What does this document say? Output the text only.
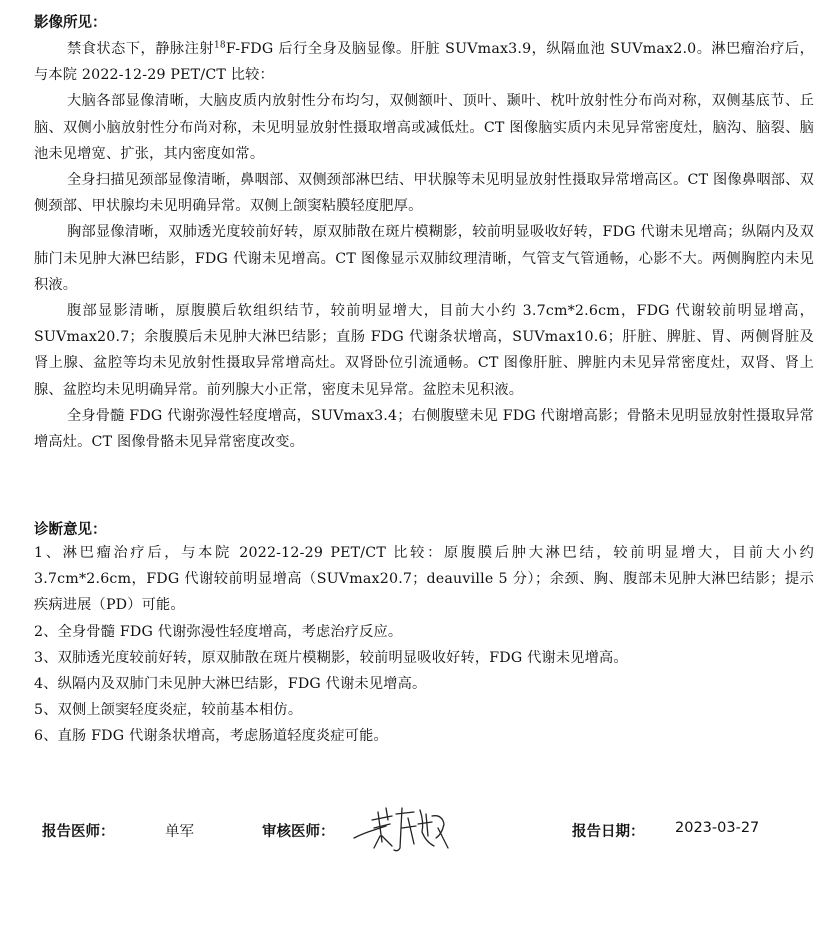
影像所见：

禁食状态下，静脉注射$^{18}$F-FDG 后行全身及脑显像。肝脏 SUVmax3.9，纵隔血池 SUVmax2.0。淋巴瘤治疗后，与本院 2022-12-29 PET/CT 比较：

大脑各部显像清晰，大脑皮质内放射性分布均匀，双侧额叶、顶叶、颞叶、枕叶放射性分布尚对称，双侧基底节、丘脑、双侧小脑放射性分布尚对称，未见明显放射性摄取增高或减低灶。CT 图像脑实质内未见异常密度灶，脑沟、脑裂、脑池未见增宽、扩张，其内密度如常。

全身扫描见颈部显像清晰，鼻咽部、双侧颈部淋巴结、甲状腺等未见明显放射性摄取异常增高区。CT 图像鼻咽部、双侧颈部、甲状腺均未见明确异常。双侧上颌窦粘膜轻度肥厚。

胸部显像清晰，双肺透光度较前好转，原双肺散在斑片模糊影，较前明显吸收好转，FDG 代谢未见增高；纵隔内及双肺门未见肿大淋巴结影，FDG 代谢未见增高。CT 图像显示双肺纹理清晰，气管支气管通畅，心影不大。两侧胸腔内未见积液。

腹部显影清晰，原腹膜后软组织结节，较前明显增大，目前大小约 3.7cm*2.6cm，FDG 代谢较前明显增高，SUVmax20.7；余腹膜后未见肿大淋巴结影；直肠 FDG 代谢条状增高，SUVmax10.6；肝脏、脾脏、胃、两侧肾脏及肾上腺、盆腔等均未见放射性摄取异常增高灶。双肾卧位引流通畅。CT 图像肝脏、脾脏内未见异常密度灶，双肾、肾上腺、盆腔均未见明确异常。前列腺大小正常，密度未见异常。盆腔未见积液。

全身骨髓 FDG 代谢弥漫性轻度增高，SUVmax3.4；右侧腹壁未见 FDG 代谢增高影；骨骼未见明显放射性摄取异常增高灶。CT 图像骨骼未见异常密度改变。

诊断意见：

1、淋巴瘤治疗后，与本院 2022-12-29 PET/CT 比较：原腹膜后肿大淋巴结，较前明显增大，目前大小约 3.7cm*2.6cm，FDG 代谢较前明显增高（SUVmax20.7；deauville 5 分）；余颈、胸、腹部未见肿大淋巴结影；提示疾病进展（PD）可能。

2、全身骨髓 FDG 代谢弥漫性轻度增高，考虑治疗反应。

3、双肺透光度较前好转，原双肺散在斑片模糊影，较前明显吸收好转，FDG 代谢未见增高。

4、纵隔内及双肺门未见肿大淋巴结影，FDG 代谢未见增高。

5、双侧上颌窦轻度炎症，较前基本相仿。

6、直肠 FDG 代谢条状增高，考虑肠道轻度炎症可能。

报告医师：	单军	审核医师：	报告日期： 2023-03-27
